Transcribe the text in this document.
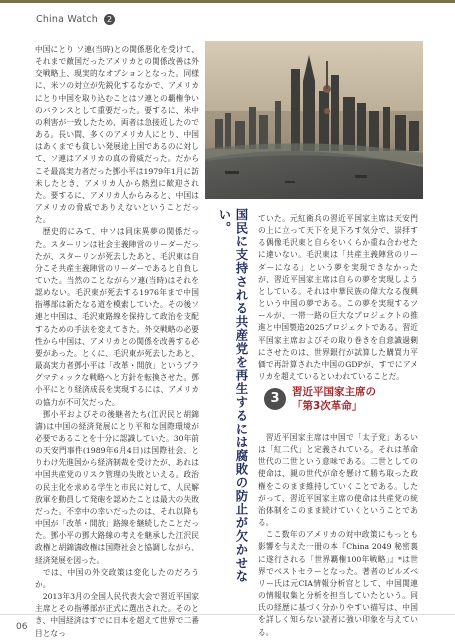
China Watch 2

中国にとり ソ連(当時)との関係悪化を受けて、それまで敵国だったアメリカとの関係改善は外交戦略上、現実的なオプションとなった。同様に、米ソの対立が先鋭化するなかで、アメリカにとり中国を取り込むことはソ連との覇権争いのバランスとして重要だった。要するに、米中の利害が一致したため、両者は急接近したのである。長い間、多くのアメリカ人にとり、中国はあくまでも貧しい発展途上国であるのに対して、ソ連はアメリカの真の脅威だった。だからこそ最高実力者だった鄧小平は1979年1月に訪米したとき、アメリカ人から熱烈に歓迎された。要するに、アメリカ人からみると、中国はアメリカの脅威でありえないということだった。

歴史的にみて、中ソは同床異夢の関係だった。スターリンは社会主義陣営のリーダーだったが、スターリンが死去したあと、毛沢東は自分こそ共産主義陣営のリーダーであると自負していた。当然のことながらソ連(当時)はそれを認めない。毛沢東が死去する1976年まで中国指導部は新たなる道を模索していた。その後ソ連と中国は、毛沢東路線を保持して政治を支配するための手法を変えてきた。外交戦略の必要性から中国は、アメリカとの関係を改善する必要があった。とくに、毛沢東が死去したあと、最高実力者鄧小平は「改革・開放」というプラグマティックな戦略へと方針を転換させた。鄧小平にとり経済成長を実現するには、アメリカの協力が不可欠だった。

鄧小平およびその後継者たち(江沢民と胡錦濤)は中国の経済発展にとり平和な国際環境が必要であることを十分に認識していた。30年前の天安門事件(1989年6月4日)は国際社会、とりわけ先進国から経済制裁を受けたが、あれは中国共産党のリスク管理の失敗といえる。政治の民主化を求める学生と市民に対して、人民解放軍を動員して発砲を認めたことは最大の失敗だった。不幸中の幸いだったのは、それ以降も中国が「改革・開放」路線を継続したことだった。鄧小平の鄧大路線の考えを継承した江沢民政権と胡錦濤政権は国際社会と協調しながら、経済発展を図った。

では、中国の外交政策は変化したのだろうか。

2013年3月の全国人民代表大会で習近平国家主席とその指導部が正式に選出された。そのとき、中国経済はすでに日本を超えて世界で二番目となっ

国民に支持される共産党を再生するには腐敗の防止が欠かせない。	ていた。元紅衛兵の習近平国家主席は天安門の上に立って天下を見下ろす気分で、崇拝する偶像毛沢東と自らをいくらか重ね合わせたに違いない。毛沢東は「共産主義陣営のリーダーになる」という夢を実現できなかったが、習近平国家主席は自らの夢を実現しようとしている。それは中華民族の偉大なる復興という中国の夢である。この夢を実現するツールが、一帯一路の巨大なプロジェクトの推進と中国製造2025プロジェクトである。習近平国家主席およびその取り巻きを自意識過剰にさせたのは、世界銀行が試算した購買力平価で再計算された中国のGDPが、すでにアメリカを超えているといわれていることだ。

3	習近平国家主席の
「第3次革命」

習近平国家主席は中国で「太子党」あるいは「紅二代」と定義されている。それは革命世代の二世という意味である。二世としての使命は、親の世代が命を懸けて勝ち取った政権をこのまま維持していくことである。したがって、習近平国家主席の使命は共産党の統治体制をこのまま続けていくということである。

ここ数年のアメリカの対中政策にもっとも影響を与えた一冊の本『China 2049 秘密裏に遂行される「世界覇権100年戦略」』*は世界でベストセラーとなった。著者のピルズベリー氏は元CIA情報分析官として、中国関連の情報収集と分析を担当していたという。同氏の経歴に基づく分かりやすい描写は、中国を詳しく知らない読者に強い印象を与えている。

06
